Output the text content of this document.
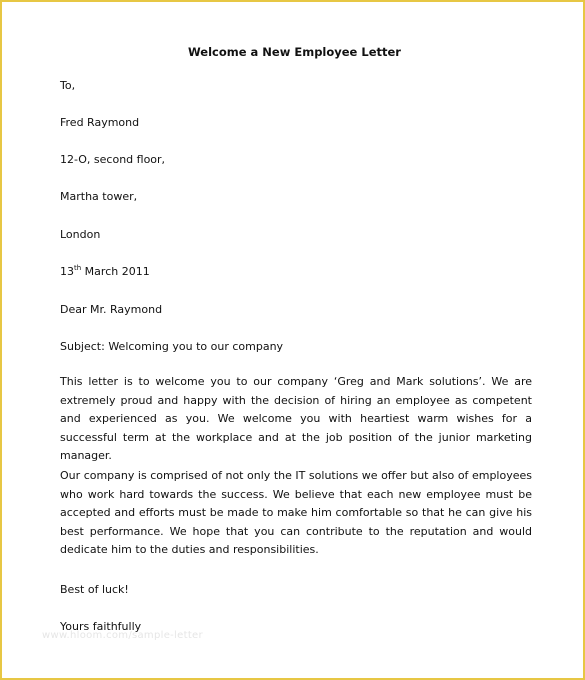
Welcome a New Employee Letter
To,
Fred Raymond
12-O, second floor,
Martha tower,
London
13th March 2011
Dear Mr. Raymond
Subject: Welcoming you to our company
This letter is to welcome you to our company ‘Greg and Mark solutions’. We are extremely proud and happy with the decision of hiring an employee as competent and experienced as you. We welcome you with heartiest warm wishes for a successful term at the workplace and at the job position of the junior marketing manager.
Our company is comprised of not only the IT solutions we offer but also of employees who work hard towards the success. We believe that each new employee must be accepted and efforts must be made to make him comfortable so that he can give his best performance. We hope that you can contribute to the reputation and would dedicate him to the duties and responsibilities.
Best of luck!
Yours faithfully
www.hloom.com/sample-letter
